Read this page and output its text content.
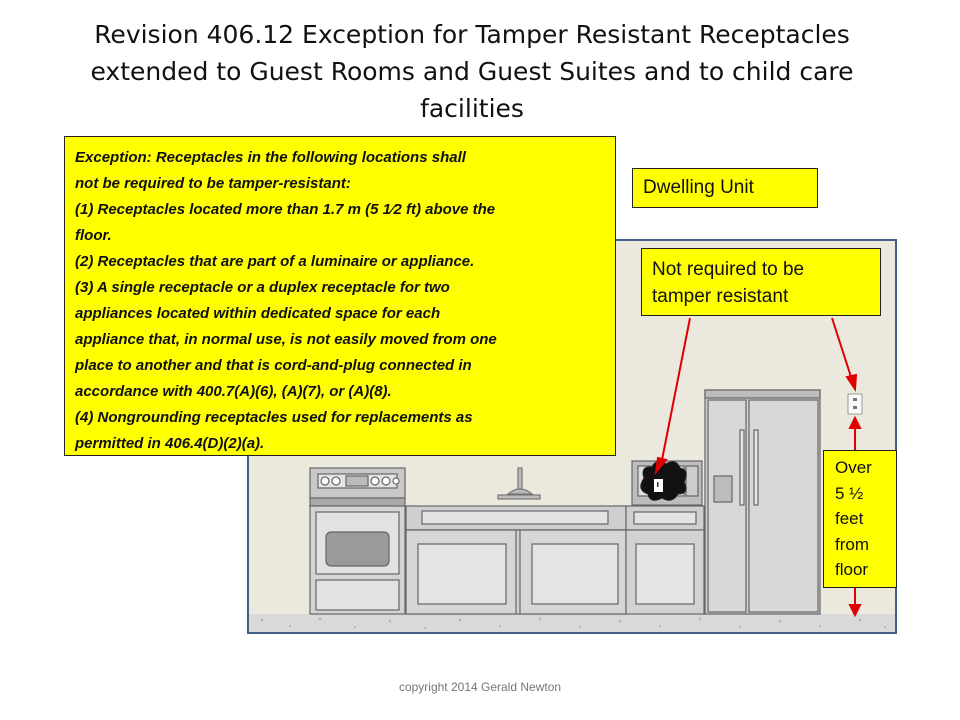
Revision 406.12 Exception for Tamper Resistant Receptacles
extended to Guest Rooms and Guest Suites and to child care
facilities
Exception: Receptacles in the following locations shall
not be required to be tamper-resistant:
(1) Receptacles located more than 1.7 m (5 1⁄2 ft) above the
floor.
(2) Receptacles that are part of a luminaire or appliance.
(3) A single receptacle or a duplex receptacle for two
appliances located within dedicated space for each
appliance that, in normal use, is not easily moved from one
place to another and that is cord-and-plug connected in
accordance with 400.7(A)(6), (A)(7), or (A)(8).
(4) Nongrounding receptacles used for replacements as
permitted in 406.4(D)(2)(a).
Dwelling Unit
Not required to be
tamper resistant
Over
5 ½
feet
from
floor
copyright 2014 Gerald Newton
